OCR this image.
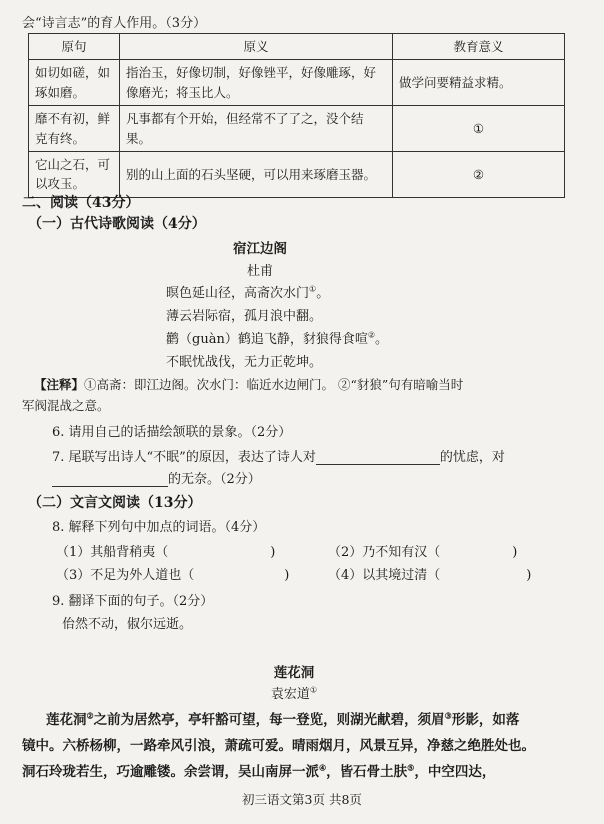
会“诗言志”的育人作用。（3分）
原句	原义	教育意义
如切如磋，如琢如磨。	指治玉，好像切制，好像锉平，好像雕琢，好像磨光；将玉比人。	做学问要精益求精。
靡不有初，鲜克有终。	凡事都有个开始，但经常不了了之，没个结果。	①
它山之石，可以攻玉。	别的山上面的石头坚硬，可以用来琢磨玉器。	②
二、阅读（43分）
（一）古代诗歌阅读（4分）
宿江边阁
杜甫
暝色延山径，高斋次水门①。
薄云岩际宿，孤月浪中翻。
鹳（guàn）鹤追飞静，豺狼得食喧②。
不眠忧战伐，无力正乾坤。
【注释】①高斋：即江边阁。次水门：临近水边闸门。 ②“豺狼”句有暗喻当时
军阀混战之意。
6. 请用自己的话描绘颔联的景象。（2分）
7. 尾联写出诗人“不眠”的原因，表达了诗人对	的忧虑，对
的无奈。（2分）
（二）文言文阅读（13分）
8. 解释下列句中加点的词语。（4分）
（1）其船背稍夷（	)	（2）乃不知有汉（	)
（3）不足为外人道也（	)	（4）以其境过清（	)
9. 翻译下面的句子。（2分）
佁然不动，俶尔远逝。
莲花洞
袁宏道①
莲花洞②之前为居然亭，亭轩豁可望，每一登览，则湖光献碧，须眉③形影，如落
镜中。六桥杨柳，一路牵风引浪，萧疏可爱。晴雨烟月，风景互异，净慈之绝胜处也。
洞石玲珑若生，巧逾雕镂。余尝谓，吴山南屏一派④，皆石骨土肤⑤，中空四达，
初三语文第3页 共8页
